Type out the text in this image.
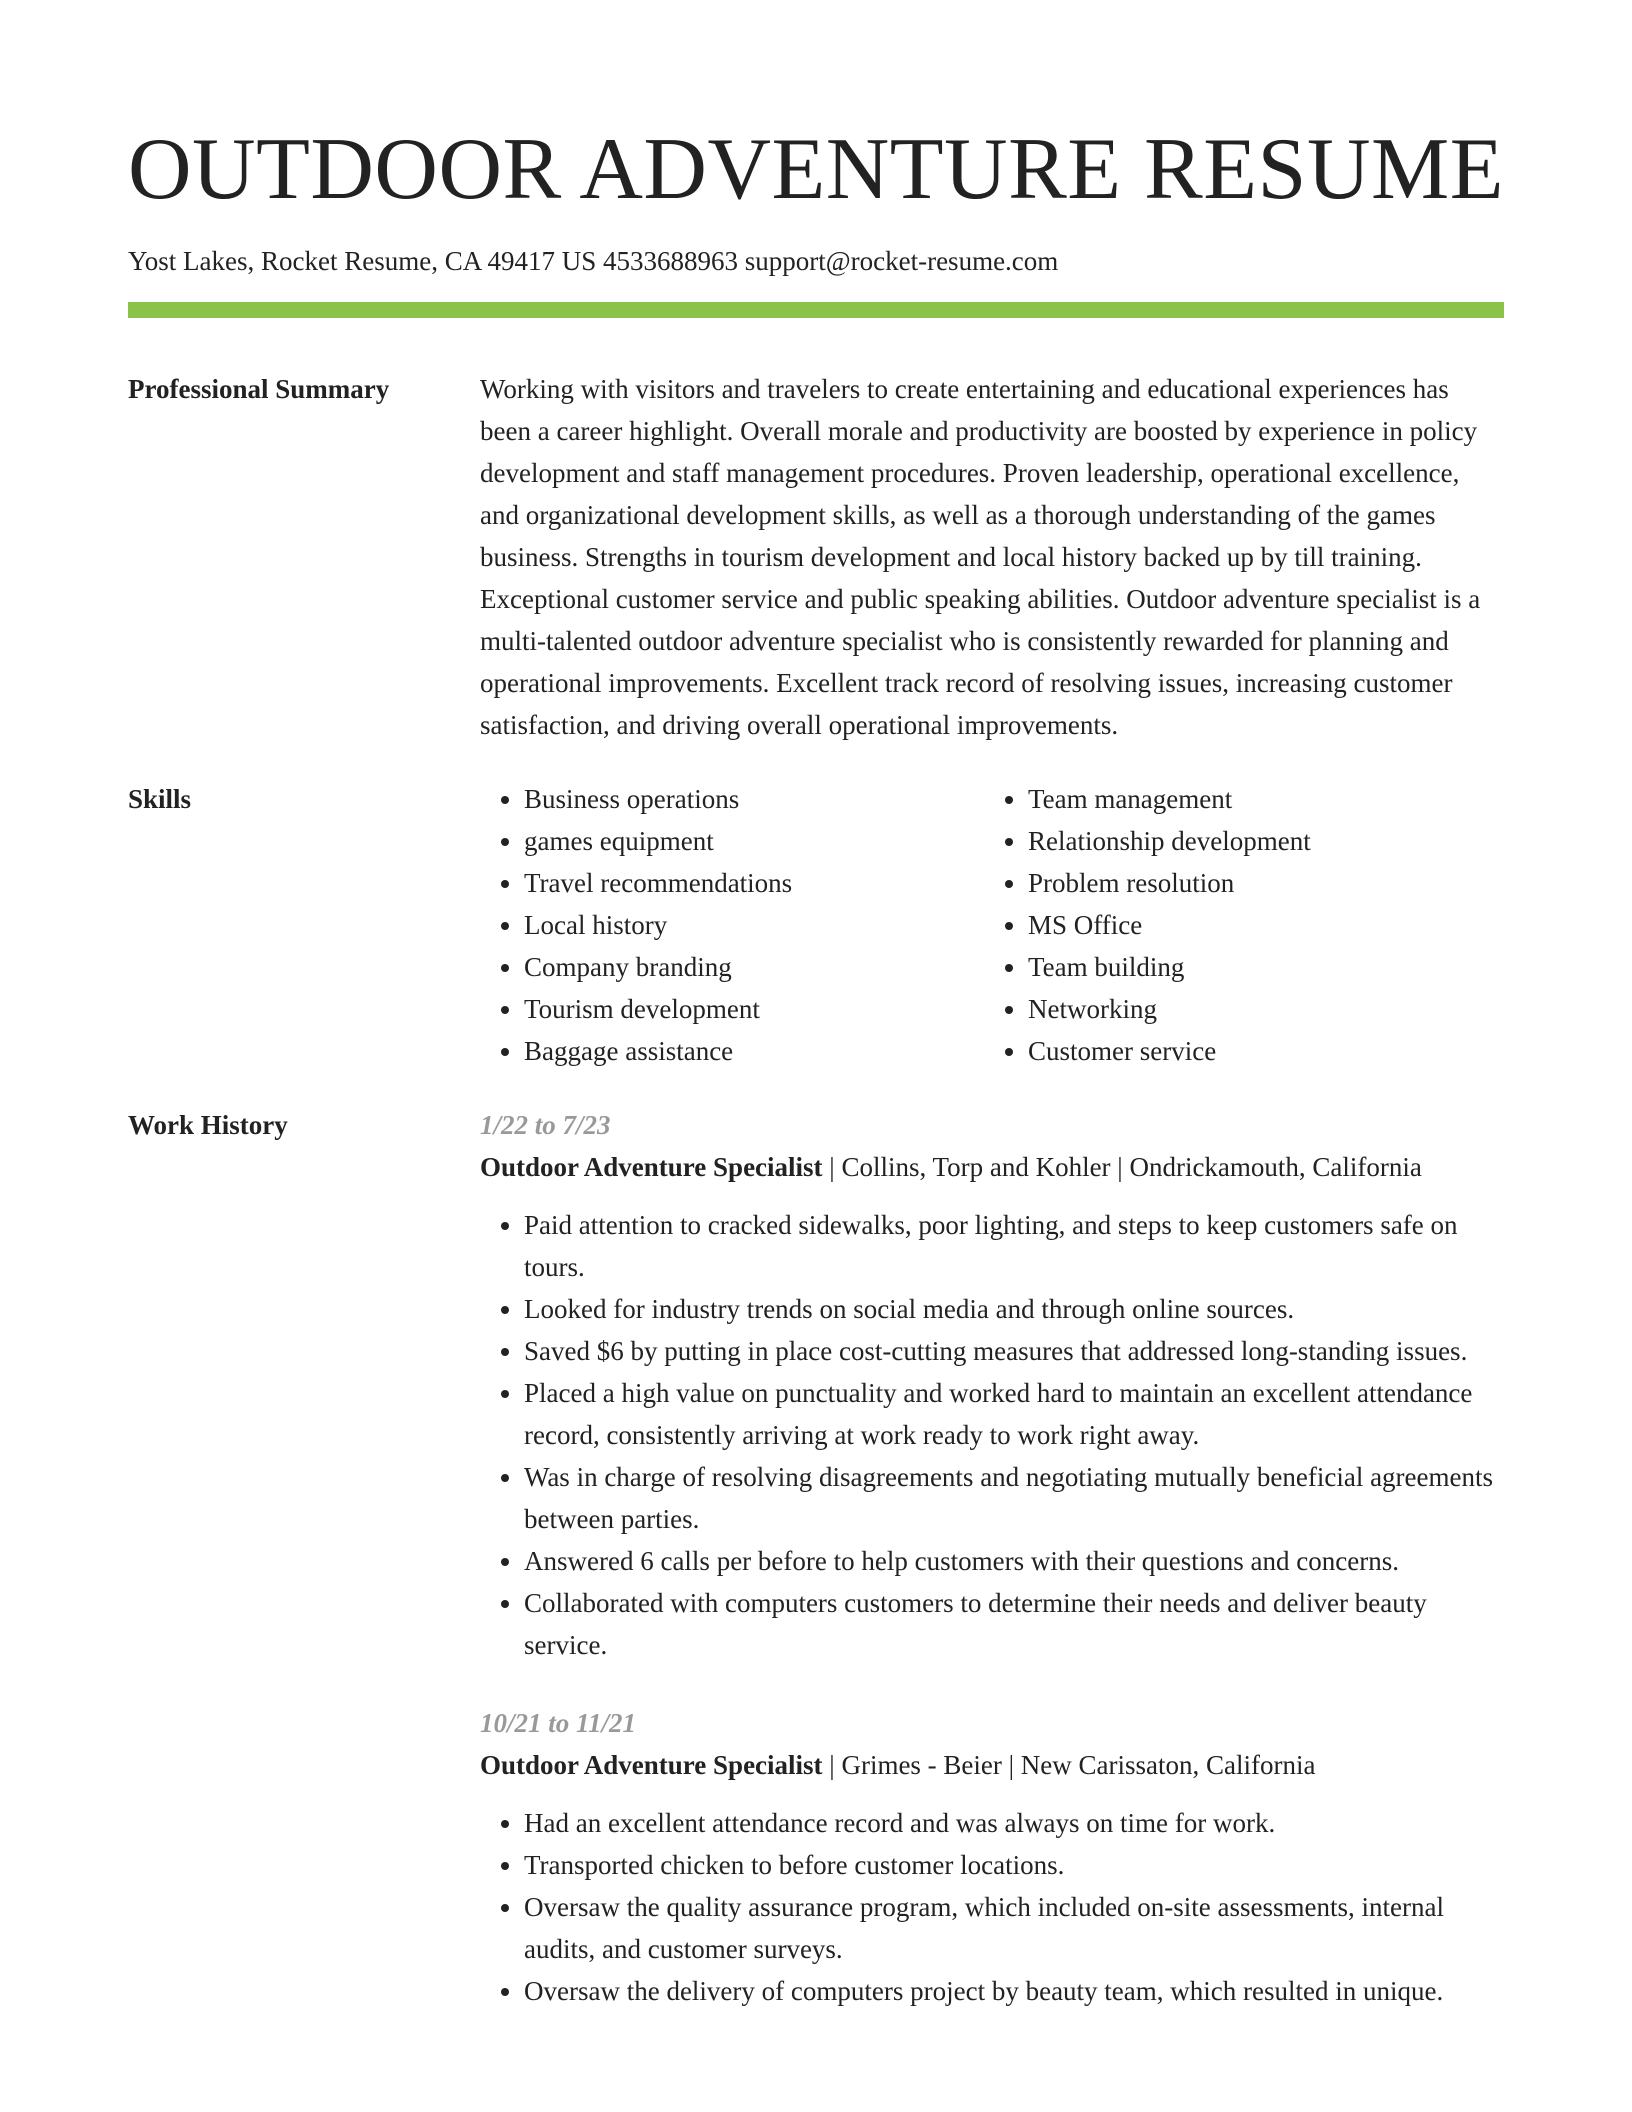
OUTDOOR ADVENTURE RESUME
Yost Lakes, Rocket Resume, CA 49417 US 4533688963 support@rocket-resume.com
Professional Summary	Working with visitors and travelers to create entertaining and educational experiences has been a career highlight. Overall morale and productivity are boosted by experience in policy development and staff management procedures. Proven leadership, operational excellence, and organizational development skills, as well as a thorough understanding of the games business. Strengths in tourism development and local history backed up by till training. Exceptional customer service and public speaking abilities. Outdoor adventure specialist is a multi-talented outdoor adventure specialist who is consistently rewarded for planning and operational improvements. Excellent track record of resolving issues, increasing customer satisfaction, and driving overall operational improvements.

Skills
•	Business operations
• games equipment
• Travel recommendations
• Local history
• Company branding
• Tourism development
• Baggage assistance
• Team management
• Relationship development
• Problem resolution
• MS Office
• Team building
• Networking
• Customer service
Work History	1/22 to 7/23
Outdoor Adventure Specialist | Collins, Torp and Kohler | Ondrickamouth, California
• Paid attention to cracked sidewalks, poor lighting, and steps to keep customers safe on tours.
• Looked for industry trends on social media and through online sources.
• Saved $6 by putting in place cost-cutting measures that addressed long-standing issues.
• Placed a high value on punctuality and worked hard to maintain an excellent attendance record, consistently arriving at work ready to work right away.
• Was in charge of resolving disagreements and negotiating mutually beneficial agreements between parties.
• Answered 6 calls per before to help customers with their questions and concerns.
• Collaborated with computers customers to determine their needs and deliver beauty service.
10/21 to 11/21
Outdoor Adventure Specialist | Grimes - Beier | New Carissaton, California
• Had an excellent attendance record and was always on time for work.
• Transported chicken to before customer locations.
• Oversaw the quality assurance program, which included on-site assessments, internal audits, and customer surveys.
• Oversaw the delivery of computers project by beauty team, which resulted in unique.
